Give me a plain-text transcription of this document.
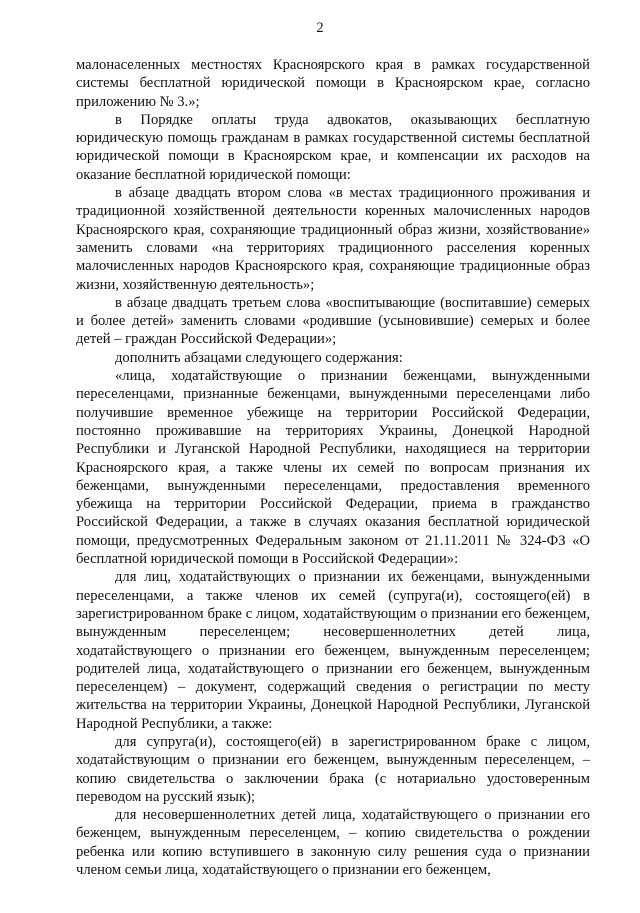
2

малонаселенных местностях Красноярского края в рамках государственной системы бесплатной юридической помощи в Красноярском крае, согласно приложению № 3.»;

в Порядке оплаты труда адвокатов, оказывающих бесплатную юридическую помощь гражданам в рамках государственной системы бесплатной юридической помощи в Красноярском крае, и компенсации их расходов на оказание бесплатной юридической помощи:

в абзаце двадцать втором слова «в местах традиционного проживания и традиционной хозяйственной деятельности коренных малочисленных народов Красноярского края, сохраняющие традиционный образ жизни, хозяйствование» заменить словами «на территориях традиционного расселения коренных малочисленных народов Красноярского края, сохраняющие традиционные образ жизни, хозяйственную деятельность»;

в абзаце двадцать третьем слова «воспитывающие (воспитавшие) семерых и более детей» заменить словами «родившие (усыновившие) семерых и более детей – граждан Российской Федерации»;

дополнить абзацами следующего содержания:

«лица, ходатайствующие о признании беженцами, вынужденными переселенцами, признанные беженцами, вынужденными переселенцами либо получившие временное убежище на территории Российской Федерации, постоянно проживавшие на территориях Украины, Донецкой Народной Республики и Луганской Народной Республики, находящиеся на территории Красноярского края, а также члены их семей по вопросам признания их беженцами, вынужденными переселенцами, предоставления временного убежища на территории Российской Федерации, приема в гражданство Российской Федерации, а также в случаях оказания бесплатной юридической помощи, предусмотренных Федеральным законом от 21.11.2011 № 324-ФЗ «О бесплатной юридической помощи в Российской Федерации»:

для лиц, ходатайствующих о признании их беженцами, вынужденными переселенцами, а также членов их семей (супруга(и), состоящего(ей) в зарегистрированном браке с лицом, ходатайствующим о признании его беженцем, вынужденным переселенцем; несовершеннолетних детей лица, ходатайствующего о признании его беженцем, вынужденным переселенцем; родителей лица, ходатайствующего о признании его беженцем, вынужденным переселенцем) – документ, содержащий сведения о регистрации по месту жительства на территории Украины, Донецкой Народной Республики, Луганской Народной Республики, а также:

для супруга(и), состоящего(ей) в зарегистрированном браке с лицом, ходатайствующим о признании его беженцем, вынужденным переселенцем, – копию свидетельства о заключении брака (с нотариально удостоверенным переводом на русский язык);

для несовершеннолетних детей лица, ходатайствующего о признании его беженцем, вынужденным переселенцем, – копию свидетельства о рождении ребенка или копию вступившего в законную силу решения суда о признании членом семьи лица, ходатайствующего о признании его беженцем,
